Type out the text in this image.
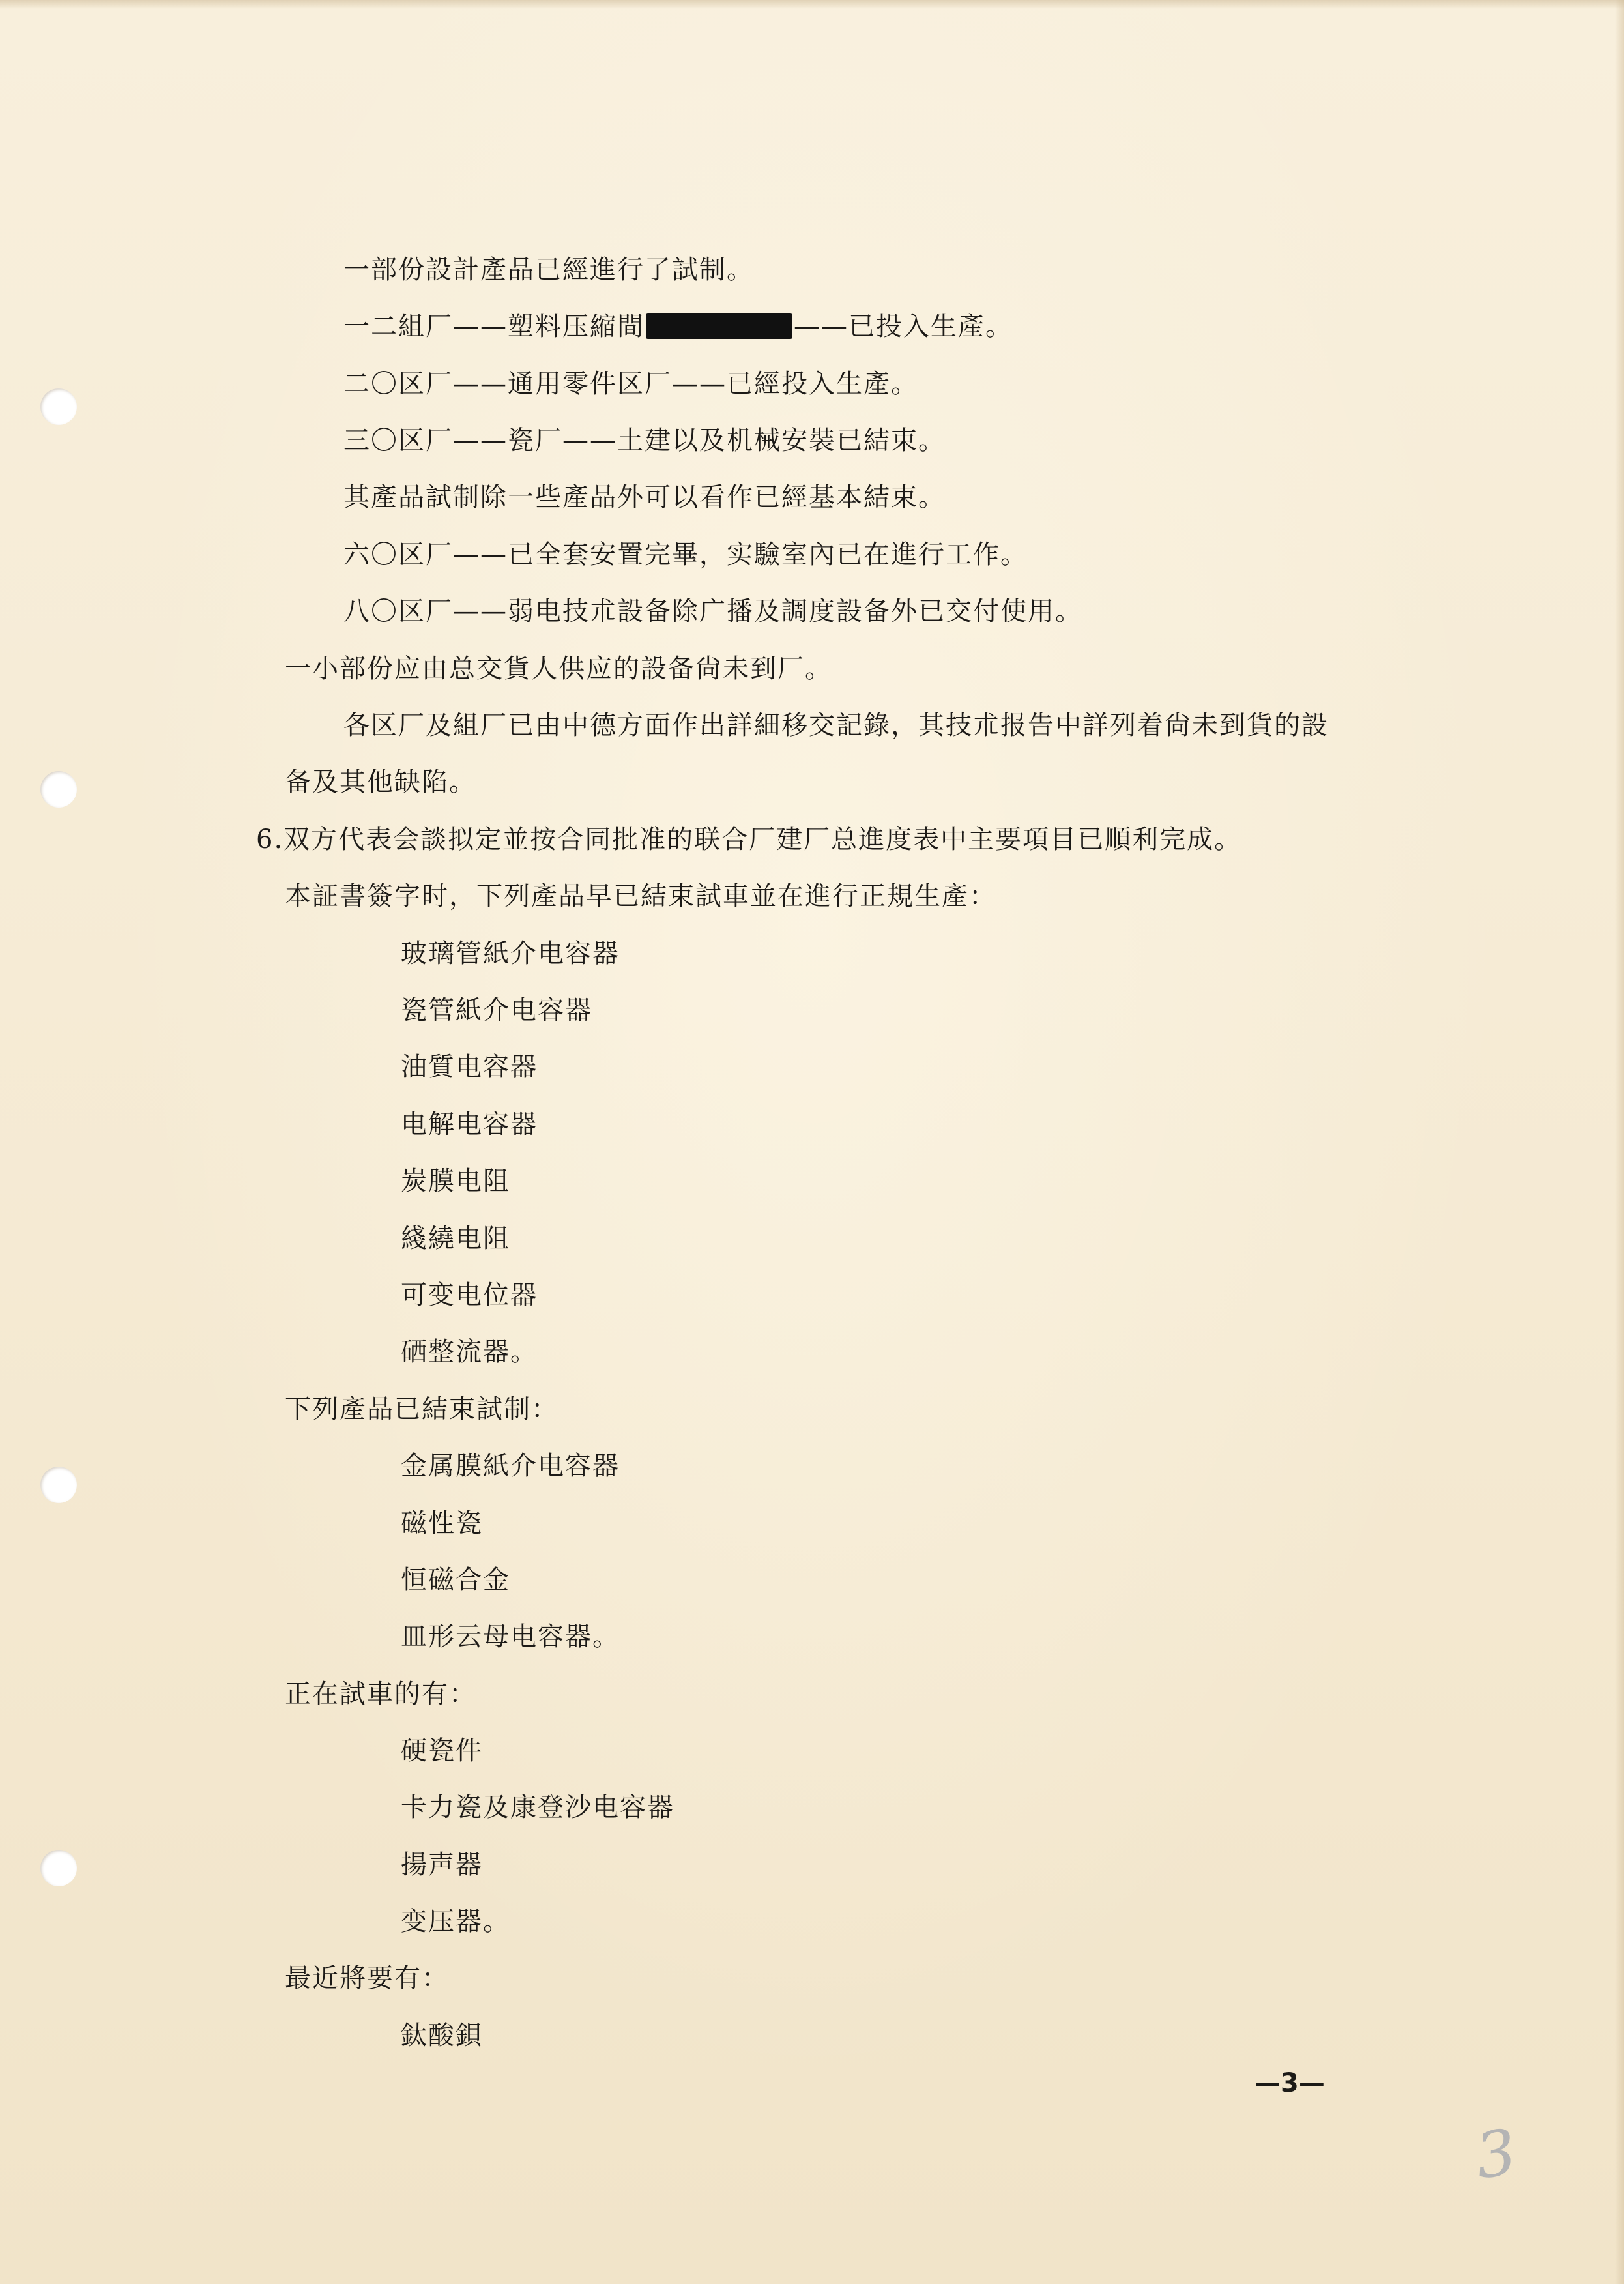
一部份設計產品已經進行了試制。
一二組厂——塑料压縮間	——已投入生產。
二〇区厂——通用零件区厂——已經投入生產。
三〇区厂——瓷厂——土建以及机械安裝已結束。
其產品試制除一些產品外可以看作已經基本結束。
六〇区厂——已全套安置完畢，实驗室內已在進行工作。
八〇区厂——弱电技朮設备除广播及調度設备外已交付使用。
一小部份应由总交貨人供应的設备尙未到厂。
各区厂及組厂已由中德方面作出詳細移交記錄，其技朮报告中詳列着尙未到貨的設
备及其他缺陷。
6.双方代表会談拟定並按合同批准的联合厂建厂总進度表中主要項目已順利完成。
本証書簽字时，下列產品早已結束試車並在進行正規生產：
玻璃管紙介电容器
瓷管紙介电容器
油質电容器
电解电容器
炭膜电阻
綫繞电阻
可变电位器
硒整流器。
下列產品已結束試制：
金属膜紙介电容器
磁性瓷
恒磁合金
皿形云母电容器。
正在試車的有：
硬瓷件
卡力瓷及康登沙电容器
揚声器
变压器。
最近將要有：
鈦酸鋇
—3—
3
